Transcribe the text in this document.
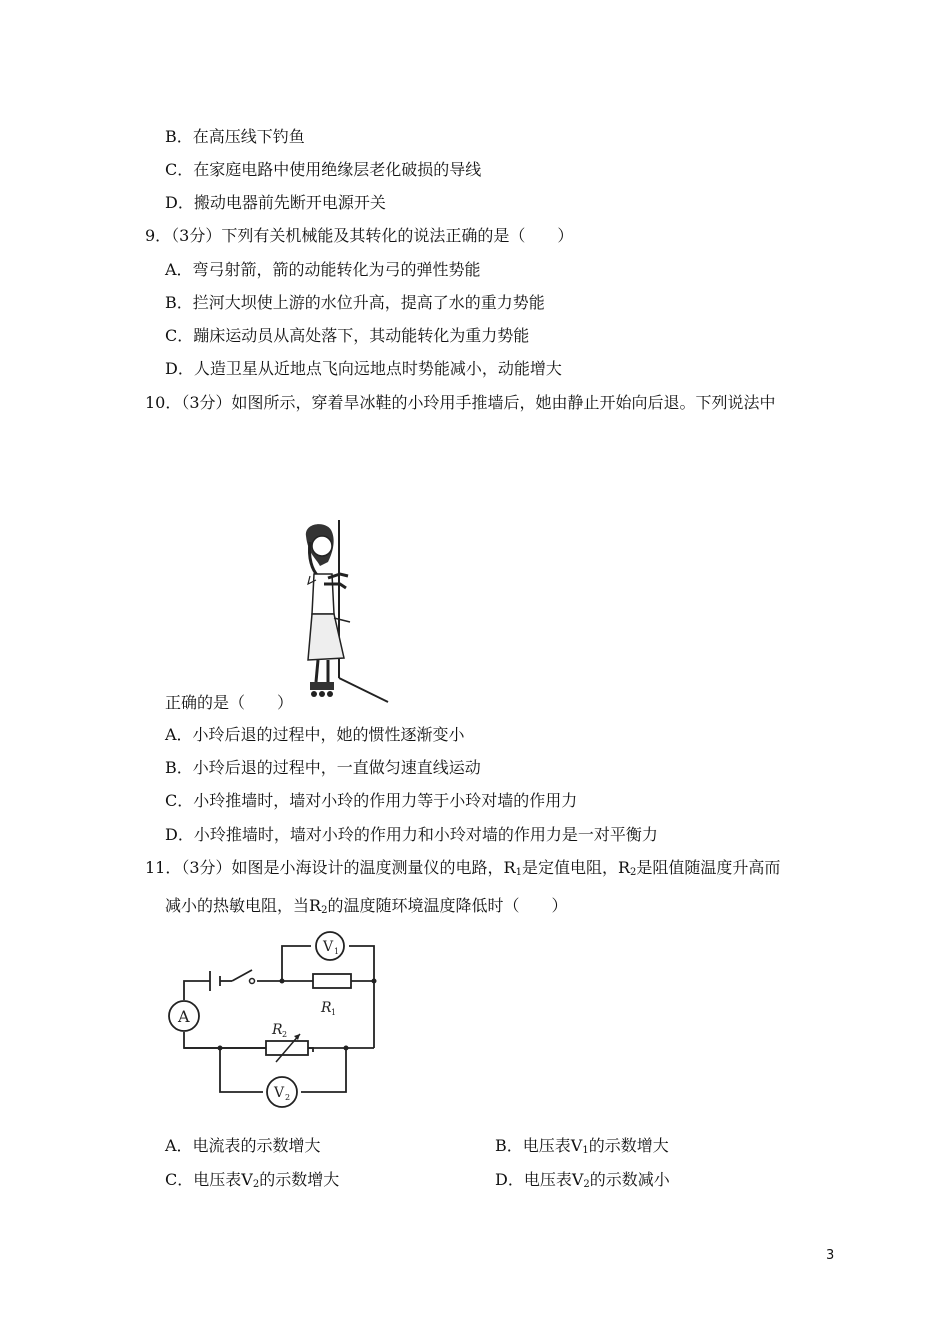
B．在高压线下钓鱼
C．在家庭电路中使用绝缘层老化破损的导线
D．搬动电器前先断开电源开关
9．（3分）下列有关机械能及其转化的说法正确的是（　　）
A．弯弓射箭，箭的动能转化为弓的弹性势能
B．拦河大坝使上游的水位升高，提高了水的重力势能
C．蹦床运动员从高处落下，其动能转化为重力势能
D．人造卫星从近地点飞向远地点时势能减小，动能增大
10．（3分）如图所示，穿着旱冰鞋的小玲用手推墙后，她由静止开始向后退。下列说法中
正确的是（　　）
A．小玲后退的过程中，她的惯性逐渐变小
B．小玲后退的过程中，一直做匀速直线运动
C．小玲推墙时，墙对小玲的作用力等于小玲对墙的作用力
D．小玲推墙时，墙对小玲的作用力和小玲对墙的作用力是一对平衡力
11．（3分）如图是小海设计的温度测量仪的电路，$R_1$是定值电阻，$R_2$是阻值随温度升高而
减小的热敏电阻，当$R_2$的温度随环境温度降低时（　　）
V 1
R 1
A
R 2
V 2
A．电流表的示数增大	B．电压表$V_1$的示数增大
C．电压表$V_2$的示数增大	D．电压表$V_2$的示数减小
3
